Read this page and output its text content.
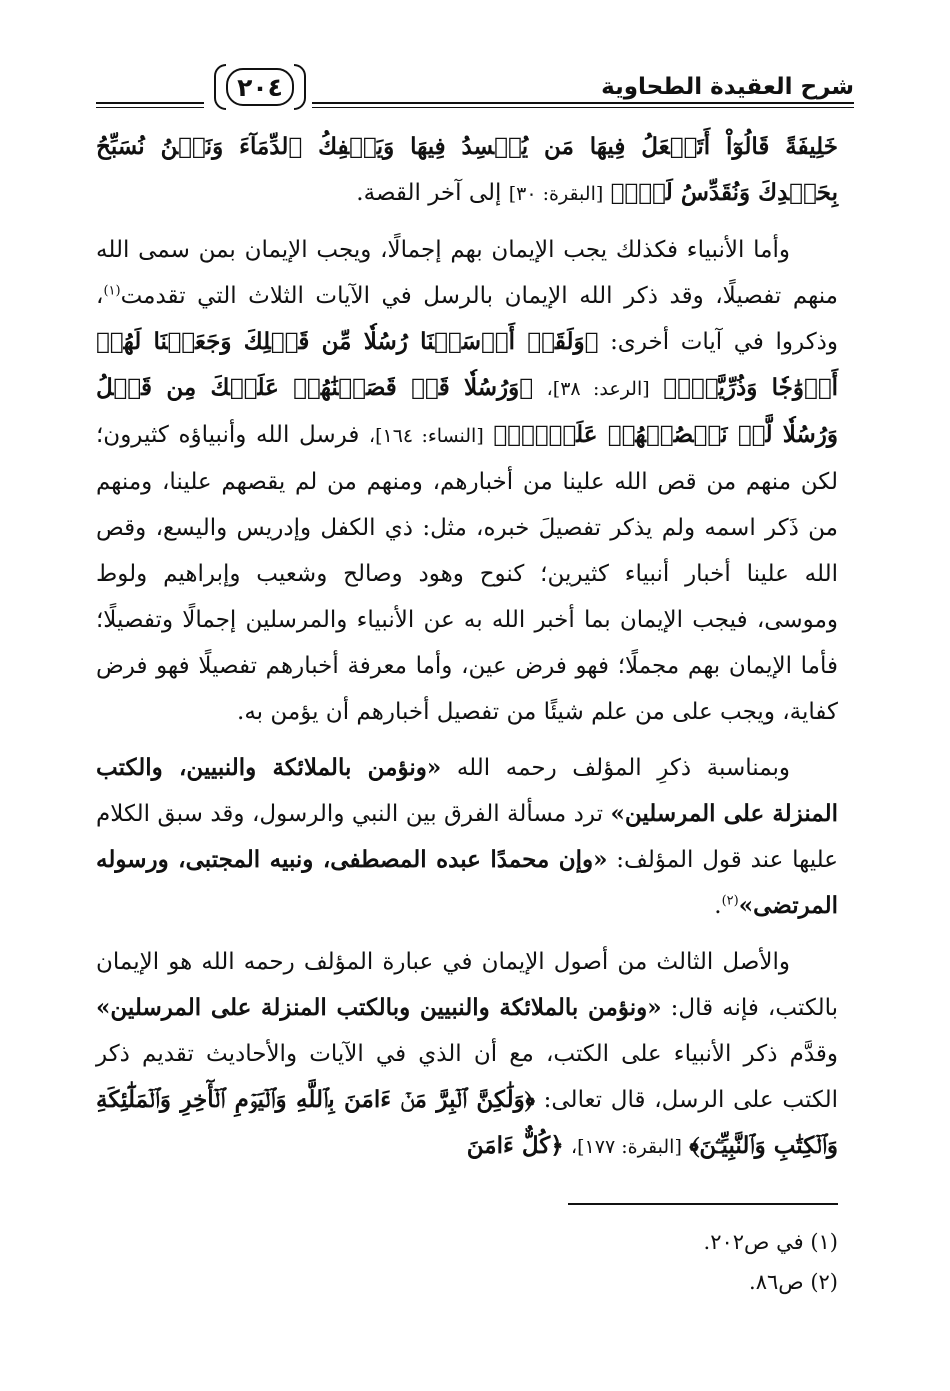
شرح العقيدة الطحاوية
٢٠٤

خَلِيفَةً قَالُوٓاْ أَتَجۡعَلُ فِيهَا مَن يُفۡسِدُ فِيهَا وَيَسۡفِكُ ٱلدِّمَآءَ وَنَحۡنُ نُسَبِّحُ بِحَمۡدِكَ وَنُقَدِّسُ لَكَۖ﴾ [البقرة: ٣٠] إلى آخر القصة.

وأما الأنبياء فكذلك يجب الإيمان بهم إجمالًا، ويجب الإيمان بمن سمى الله منهم تفصيلًا، وقد ذكر الله الإيمان بالرسل في الآيات الثلاث التي تقدمت$^{(١)}$، وذكروا في آيات أخرى: ﴿وَلَقَدۡ أَرۡسَلۡنَا رُسُلٗا مِّن قَبۡلِكَ وَجَعَلۡنَا لَهُمۡ أَزۡوَٰجٗا وَذُرِّيَّةٗۚ﴾ [الرعد: ٣٨]، ﴿وَرُسُلٗا قَدۡ قَصَصۡنَٰهُمۡ عَلَيۡكَ مِن قَبۡلُ وَرُسُلٗا لَّمۡ نَقۡصُصۡهُمۡ عَلَيۡكَۚ﴾ [النساء: ١٦٤]، فرسل الله وأنبياؤه كثيرون؛ لكن منهم من قص الله علينا من أخبارهم، ومنهم من لم يقصهم علينا، ومنهم من ذَكر اسمه ولم يذكر تفصيلَ خبره، مثل: ذي الكفل وإدريس واليسع، وقص الله علينا أخبار أنبياء كثيرين؛ كنوح وهود وصالح وشعيب وإبراهيم ولوط وموسى، فيجب الإيمان بما أخبر الله به عن الأنبياء والمرسلين إجمالًا وتفصيلًا؛ فأما الإيمان بهم مجملًا؛ فهو فرض عين، وأما معرفة أخبارهم تفصيلًا فهو فرض كفاية، ويجب على من علم شيئًا من تفصيل أخبارهم أن يؤمن به.

وبمناسبة ذكرِ المؤلف رحمه الله «ونؤمن بالملائكة والنبيين، والكتب المنزلة على المرسلين» ترد مسألة الفرق بين النبي والرسول، وقد سبق الكلام عليها عند قول المؤلف: «وإن محمدًا عبده المصطفى، ونبيه المجتبى، ورسوله المرتضى»$^{(٢)}$.

والأصل الثالث من أصول الإيمان في عبارة المؤلف رحمه الله هو الإيمان بالكتب، فإنه قال: «ونؤمن بالملائكة والنبيين وبالكتب المنزلة على المرسلين» وقدَّم ذكر الأنبياء على الكتب، مع أن الذي في الآيات والأحاديث تقديم ذكر الكتب على الرسل، قال تعالى: ﴿وَلَٰكِنَّ ٱلۡبِرَّ مَنۡ ءَامَنَ بِٱللَّهِ وَٱلۡيَوۡمِ ٱلۡأٓخِرِ وَٱلۡمَلَٰٓئِكَةِ وَٱلۡكِتَٰبِ وَٱلنَّبِيِّـۧنَ﴾ [البقرة: ١٧٧]، ﴿كُلٌّ ءَامَنَ

(١) في ص٢٠٢.
(٢) ص٨٦.
